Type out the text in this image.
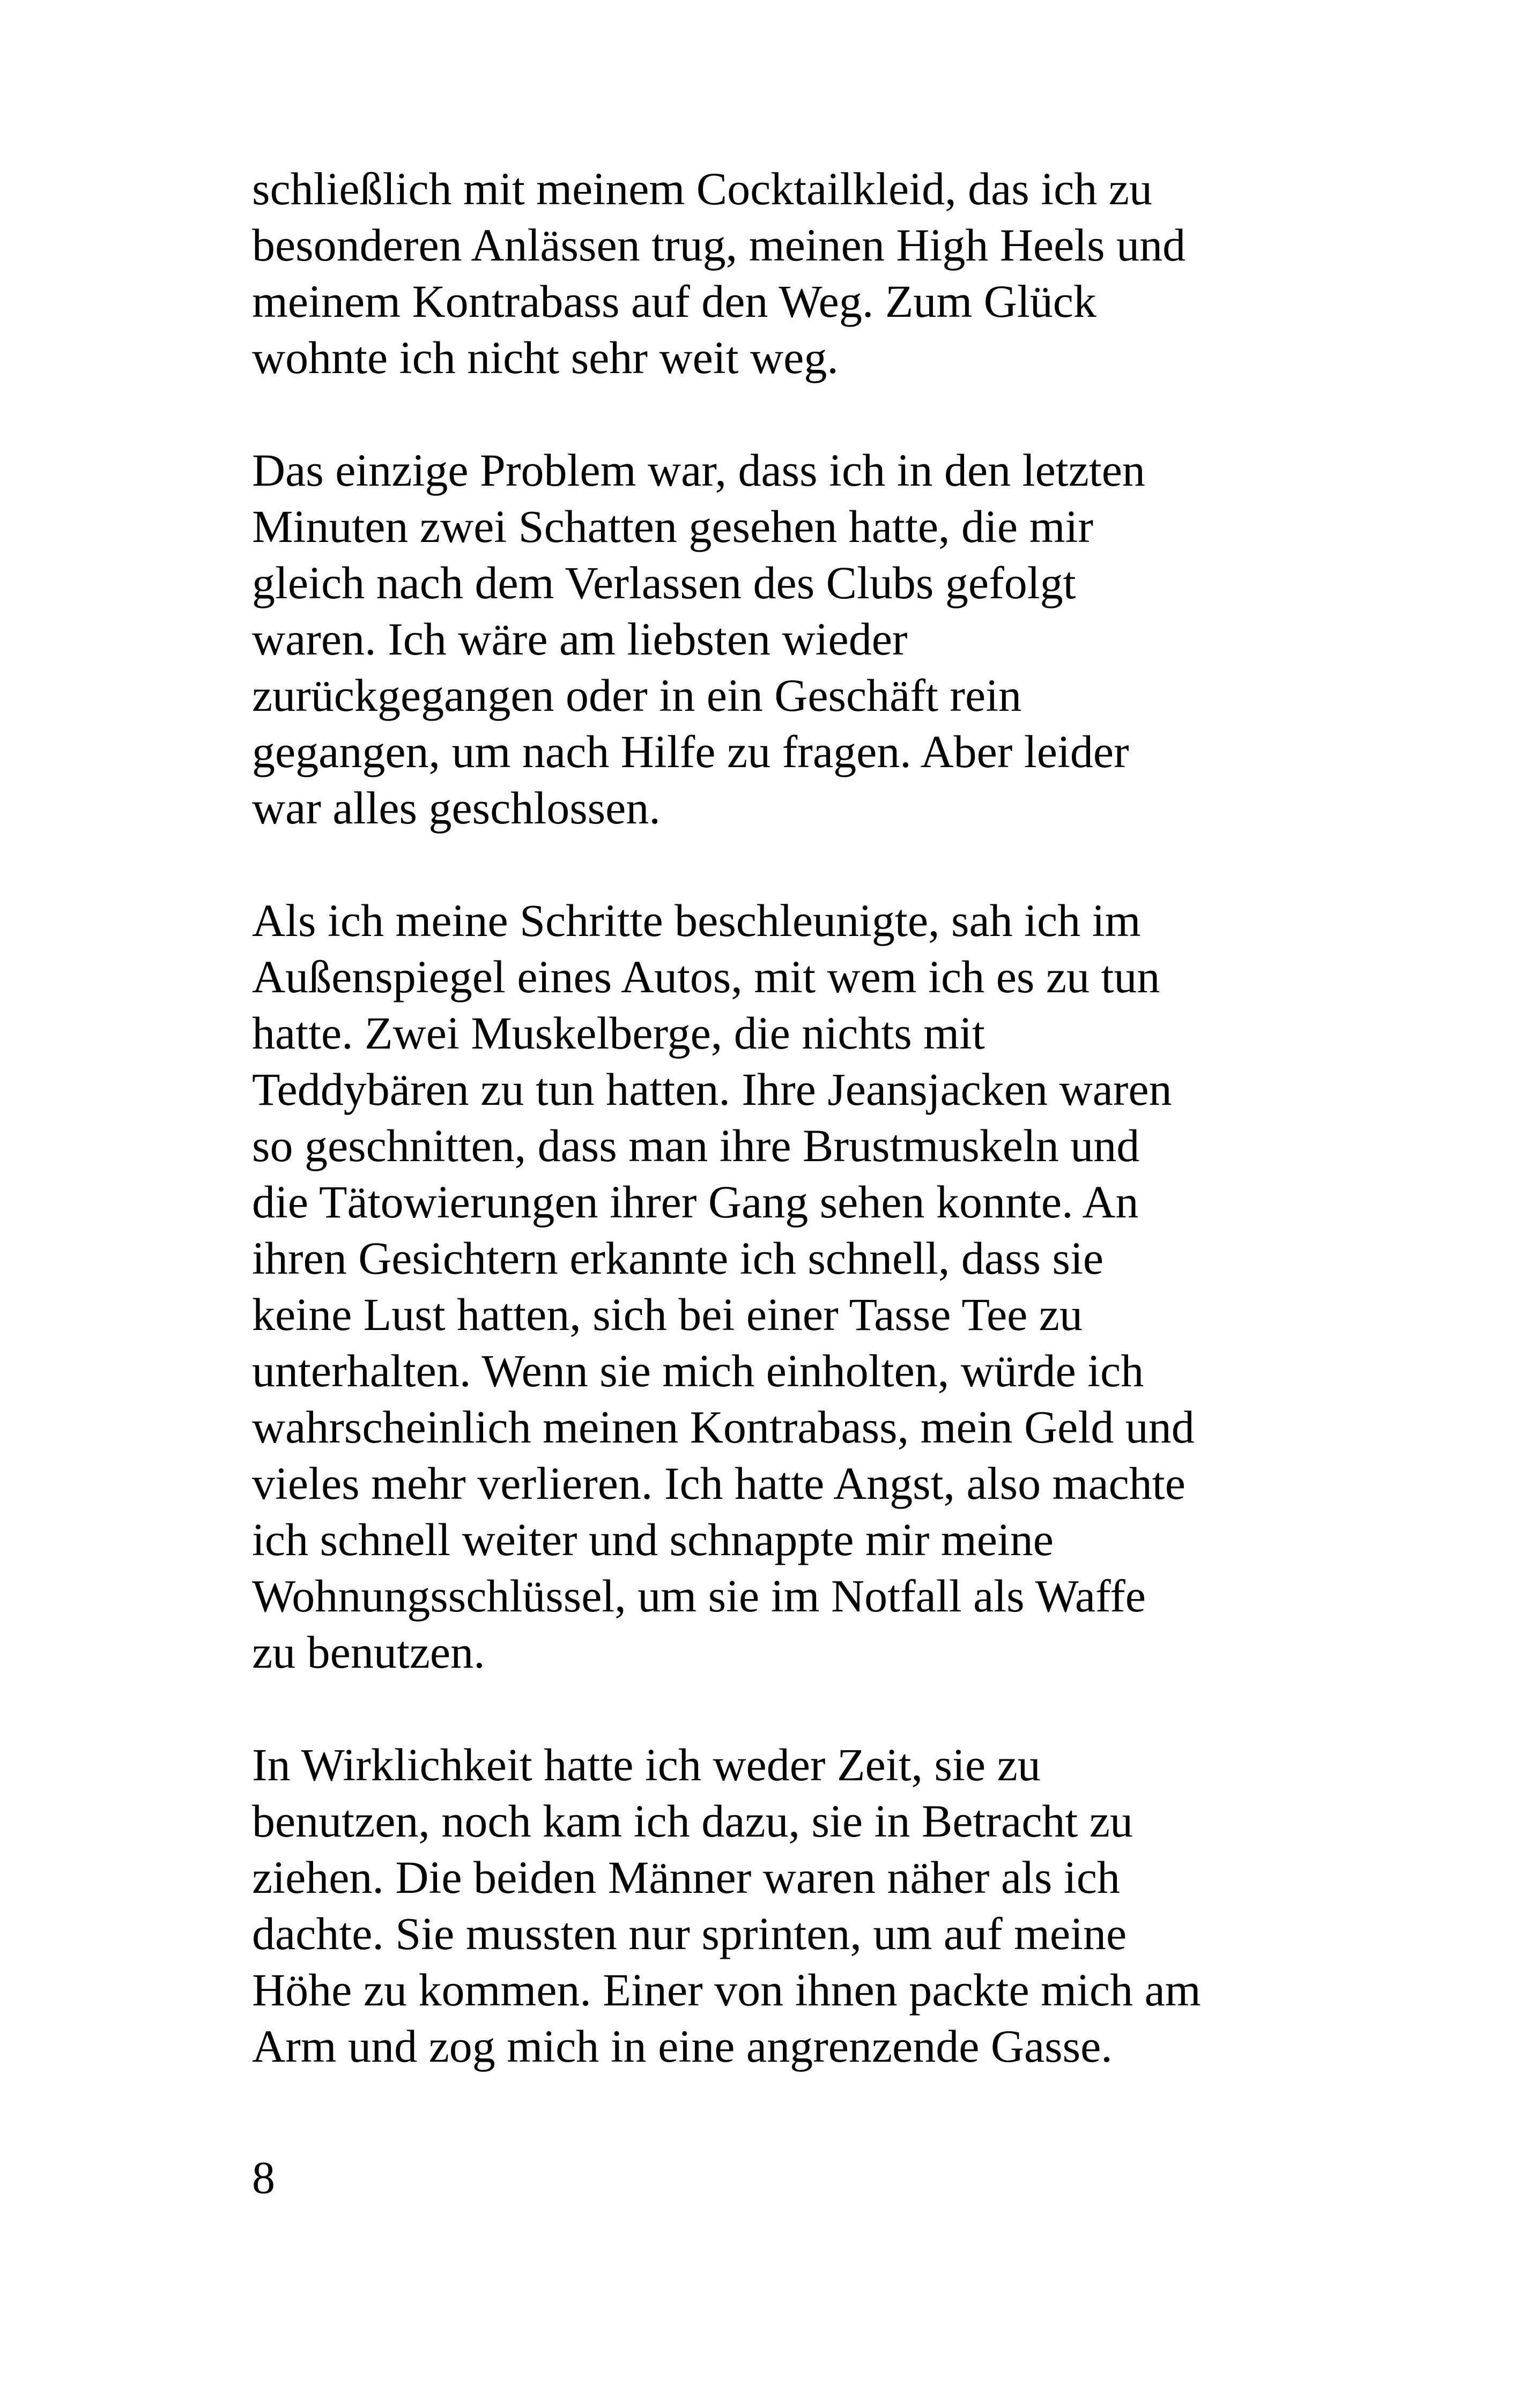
schließlich mit meinem Cocktailkleid, das ich zu
besonderen Anlässen trug, meinen High Heels und
meinem Kontrabass auf den Weg. Zum Glück
wohnte ich nicht sehr weit weg.
Das einzige Problem war, dass ich in den letzten
Minuten zwei Schatten gesehen hatte, die mir
gleich nach dem Verlassen des Clubs gefolgt
waren. Ich wäre am liebsten wieder
zurückgegangen oder in ein Geschäft rein
gegangen, um nach Hilfe zu fragen. Aber leider
war alles geschlossen.
Als ich meine Schritte beschleunigte, sah ich im
Außenspiegel eines Autos, mit wem ich es zu tun
hatte. Zwei Muskelberge, die nichts mit
Teddybären zu tun hatten. Ihre Jeansjacken waren
so geschnitten, dass man ihre Brustmuskeln und
die Tätowierungen ihrer Gang sehen konnte. An
ihren Gesichtern erkannte ich schnell, dass sie
keine Lust hatten, sich bei einer Tasse Tee zu
unterhalten. Wenn sie mich einholten, würde ich
wahrscheinlich meinen Kontrabass, mein Geld und
vieles mehr verlieren. Ich hatte Angst, also machte
ich schnell weiter und schnappte mir meine
Wohnungsschlüssel, um sie im Notfall als Waffe
zu benutzen.
In Wirklichkeit hatte ich weder Zeit, sie zu
benutzen, noch kam ich dazu, sie in Betracht zu
ziehen. Die beiden Männer waren näher als ich
dachte. Sie mussten nur sprinten, um auf meine
Höhe zu kommen. Einer von ihnen packte mich am
Arm und zog mich in eine angrenzende Gasse.
8
